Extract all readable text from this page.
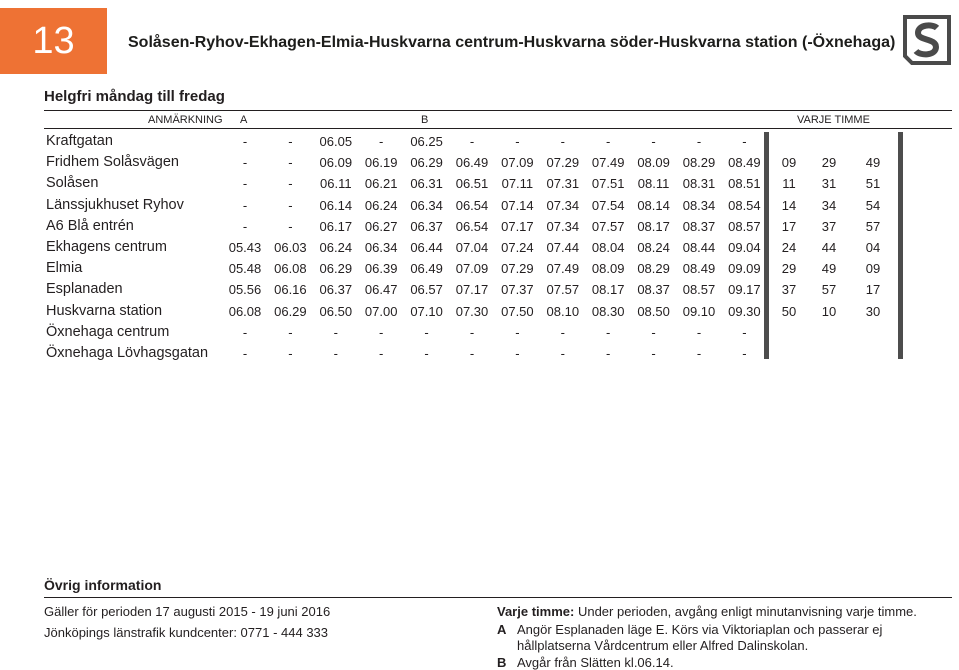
13	Solåsen-Ryhov-Ekhagen-Elmia-Huskvarna centrum-Huskvarna söder-Huskvarna station (-Öxnehaga)
Helgfri måndag till fredag
ANMÄRKNING A	B	VARJE TIMME
Kraftgatan	-	-	06.05	-	06.25	-	-	-	-	-	-	-
Fridhem Solåsvägen	-	-	06.09 06.19 06.29 06.49 07.09 07.29 07.49 08.09 08.29 08.49	09	29	49
Solåsen	-	-	06.11	06.21 06.31 06.51	07.11	07.31 07.51	08.11	08.31 08.51	11	31	51
Länssjukhuset Ryhov	-	-	06.14 06.24 06.34 06.54 07.14 07.34 07.54 08.14 08.34 08.54	14	34	54
A6 Blå entrén	-	-	06.17 06.27 06.37 06.54 07.17 07.34 07.57 08.17 08.37 08.57	17	37	57
Ekhagens centrum	05.43 06.03 06.24 06.34 06.44 07.04 07.24 07.44 08.04 08.24 08.44 09.04	24	44	04
Elmia	05.48 06.08 06.29 06.39 06.49 07.09 07.29 07.49 08.09 08.29 08.49 09.09	29	49	09
Esplanaden	05.56 06.16 06.37 06.47 06.57 07.17 07.37 07.57 08.17 08.37 08.57 09.17	37	57	17
Huskvarna station	06.08 06.29 06.50 07.00 07.10 07.30 07.50 08.10 08.30 08.50 09.10 09.30	50	10	30
Öxnehaga centrum	-	-	-	-	-	-	-	-	-	-	-	-
Öxnehaga Lövhagsgatan	-	-	-	-	-	-	-	-	-	-	-	-
Övrig information
Gäller för perioden 17 augusti 2015 - 19 juni 2016
Jönköpings länstrafik kundcenter: 0771 - 444 333
Varje timme: Under perioden, avgång enligt minutanvisning varje timme.
A Angör Esplanaden läge E. Körs via Viktoriaplan och passerar ej
hållplatserna Vårdcentrum eller Alfred Dalinskolan.
B Avgår från Slätten kl.06.14.
